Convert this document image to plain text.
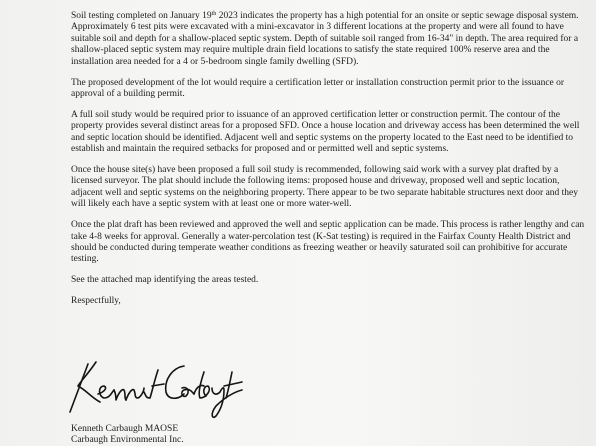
Soil testing completed on January 19th 2023 indicates the property has a high potential for an onsite or septic sewage disposal system. Approximately 6 test pits were excavated with a mini-excavator in 3 different locations at the property and were all found to have suitable soil and depth for a shallow-placed septic system. Depth of suitable soil ranged from 16-34" in depth. The area required for a shallow-placed septic system may require multiple drain field locations to satisfy the state required 100% reserve area and the installation area needed for a 4 or 5-bedroom single family dwelling (SFD).

The proposed development of the lot would require a certification letter or installation construction permit prior to the issuance or approval of a building permit.

A full soil study would be required prior to issuance of an approved certification letter or construction permit. The contour of the property provides several distinct areas for a proposed SFD. Once a house location and driveway access has been determined the well and septic location should be identified. Adjacent well and septic systems on the property located to the East need to be identified to establish and maintain the required setbacks for proposed and or permitted well and septic systems.

Once the house site(s) have been proposed a full soil study is recommended, following said work with a survey plat drafted by a licensed surveyor. The plat should include the following items: proposed house and driveway, proposed well and septic location, adjacent well and septic systems on the neighboring property. There appear to be two separate habitable structures next door and they will likely each have a septic system with at least one or more water-well.

Once the plat draft has been reviewed and approved the well and septic application can be made. This process is rather lengthy and can take 4-8 weeks for approval. Generally a water-percolation test (K-Sat testing) is required in the Fairfax County Health District and should be conducted during temperate weather conditions as freezing weather or heavily saturated soil can prohibitive for accurate testing.

See the attached map identifying the areas tested.

Respectfully,

Kenneth Carbaugh MAOSE
Carbaugh Environmental Inc.
